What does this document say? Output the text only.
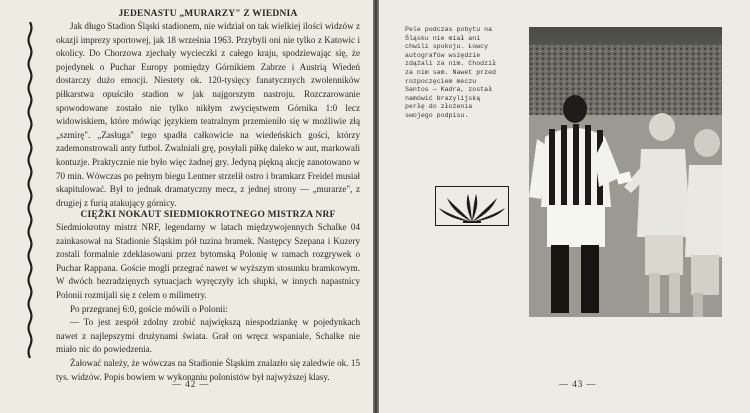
JEDENASTU „MURARZY" Z WIEDNIA

Jak długo Stadion Śląski stadionem, nie widział on tak wielkiej ilości widzów z okazji imprezy sportowej, jak 18 września 1963. Przybyli oni nie tylko z Katowic i okolicy. Do Chorzowa zjechały wycieczki z całego kraju, spodziewając się, że pojedynek o Puchar Europy pomiędzy Górnikiem Zabrze i Austrią Wiedeń dostarczy dużo emocji. Niestety ok. 120-tysięcy fanatycznych zwolenników piłkarstwa opuściło stadion w jak najgorszym nastroju. Rozczarowanie spowodowane zostało nie tylko nikłym zwycięstwem Górnika 1:0 lecz widowiskiem, które mówiąc językiem teatralnym przemieniło się w możliwie złą „szmirę". „Zasługa" tego spadła całkowicie na wiedeńskich gości, którzy zademonstrowali anty futbol. Zwalniali grę, posyłali piłkę daleko w aut, markowali kontuzje. Praktycznie nie było więc żadnej gry. Jedyną piękną akcję zanotowano w 70 min. Wówczas po pełnym biegu Lentner strzelił ostro i bramkarz Freidel musiał skapitulować. Był to jednak dramatyczny mecz, z jednej strony — „murarze", z drugiej z furią atakujący górnicy.

CIĘŻKI NOKAUT SIEDMIOKROTNEGO MISTRZA NRF

Siedmiokrotny mistrz NRF, legendarny w latach międzywojennych Schalke 04 zainkasował na Stadionie Śląskim pół tuzina bramek. Następcy Szepana i Kuzery zostali formalnie zdeklasowani przez bytomską Polonię w ramach rozgrywek o Puchar Rappana. Goście mogli przegrać nawet w wyższym stosunku bramkowym. W dwóch bezradzięnych sytuacjach wyręczyły ich słupki, w innych napastnicy Polonii rozmijali się z celem o milimetry.

Po przegranej 6:0, goście mówili o Polonii:

— To jest zespół zdolny zrobić największą niespodziankę w pojedynkach nawet z najlepszymi drużynami świata. Grał on wręcz wspaniale, Schalke nie miało nic do powiedzenia.

Żałować należy, że wówczas na Stadionie Śląskim znalazło się zaledwie ok. 15 tys. widzów. Popis bowiem w wykonaniu polonistów był najwyższej klasy.

— 42 —
Pele podczas pobytu na Śląsku nie miał ani chwili spokoju. Łowcy autografów wszędzie zdążali za nim. Chodził za nim sam. Nawet przed rozpoczęciem meczu Santos — Kadra, został namówić brazylijską perłę do złożenia swojego podpisu.
— 43 —
